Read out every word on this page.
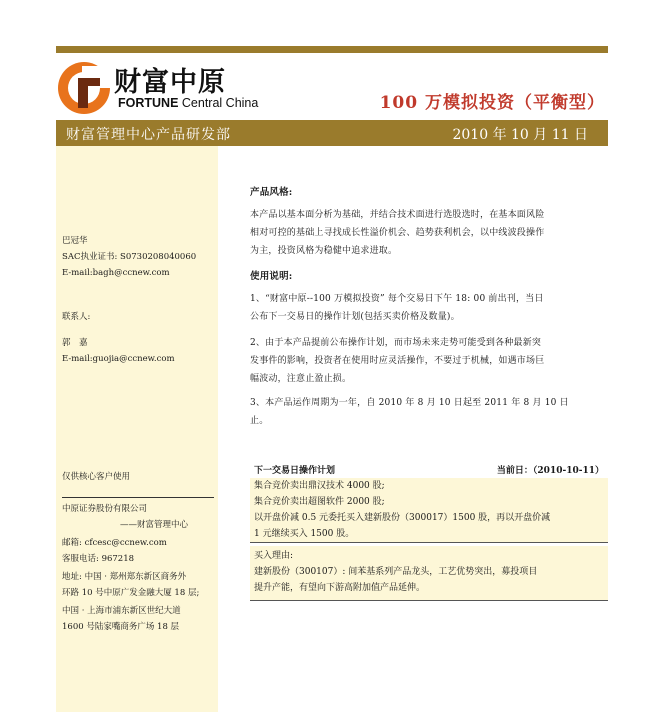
财富中原
FORTUNE Central China	100 万模拟投资（平衡型）
财富管理中心产品研发部	2010 年 10 月 11 日
巴冠华
SAC执业证书: S0730208040060
E-mail:bagh@ccnew.com
联系人:
郭　嘉
E-mail:guojia@ccnew.com
仅供核心客户使用
中原证券股份有限公司
——财富管理中心
邮箱: cfcesc@ccnew.com
客服电话: 967218
地址: 中国 · 郑州郑东新区商务外
环路 10 号中原广发金融大厦 18 层;
中国 · 上海市浦东新区世纪大道
1600 号陆家嘴商务广场 18 层
产品风格:
本产品以基本面分析为基础，并结合技术面进行选股选时，在基本面风险
相对可控的基础上寻找成长性溢价机会、趋势获利机会，以中线波段操作
为主，投资风格为稳健中追求进取。
使用说明:
1、“财富中原--100 万模拟投资” 每个交易日下午 18: 00 前出刊，当日
公布下一交易日的操作计划(包括买卖价格及数量)。
2、由于本产品提前公布操作计划，而市场未来走势可能受到各种最新突
发事件的影响，投资者在使用时应灵活操作，不要过于机械，如遇市场巨
幅波动，注意止盈止损。
3、本产品运作周期为一年，自 2010 年 8 月 10 日起至 2011 年 8 月 10 日
止。
下一交易日操作计划	当前日：（2010-10-11）
集合竞价卖出鼎汉技术 4000 股;
集合竞价卖出超图软件 2000 股;
以开盘价减 0.5 元委托买入建新股份（300017）1500 股，再以开盘价减
1 元继续买入 1500 股。
买入理由:
建新股份（300107）: 间苯基系列产品龙头，工艺优势突出，募投项目
提升产能，有望向下游高附加值产品延伸。
